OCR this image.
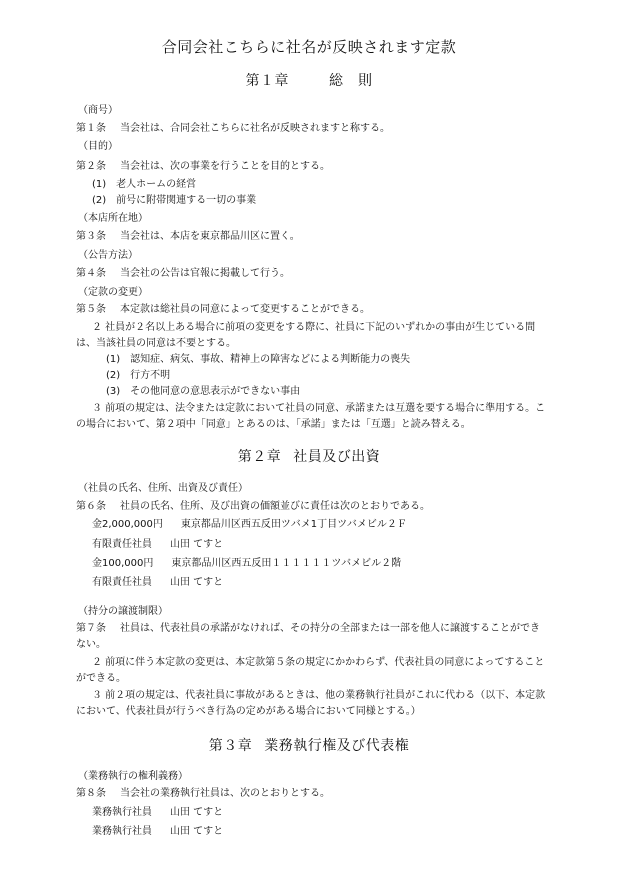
合同会社こちらに社名が反映されます定款
第１章	総　則
（商号）
第１条 当会社は、合同会社こちらに社名が反映されますと称する。
（目的）
第２条 当会社は、次の事業を行うことを目的とする。
(1)　老人ホームの経営
(2)　前号に附帯関連する一切の事業
（本店所在地）
第３条 当会社は、本店を東京都品川区に置く。
（公告方法）
第４条 当会社の公告は官報に掲載して行う。
（定款の変更）
第５条 本定款は総社員の同意によって変更することができる。
２ 社員が２名以上ある場合に前項の変更をする際に、社員に下記のいずれかの事由が生じている間は、当該社員の同意は不要とする。
(1)　認知症、病気、事故、精神上の障害などによる判断能力の喪失
(2)　行方不明
(3)　その他同意の意思表示ができない事由
３ 前項の規定は、法令または定款において社員の同意、承諾または互選を要する場合に準用する。この場合において、第２項中「同意」とあるのは、「承諾」または「互選」と読み替える。
第２章 社員及び出資
（社員の氏名、住所、出資及び責任）
第６条 社員の氏名、住所、及び出資の価額並びに責任は次のとおりである。
金2,000,000円 東京都品川区西五反田ツバメ1丁目ツバメビル２Ｆ
有限責任社員 山田 てすと
金100,000円 東京都品川区西五反田１１１１１１ツバメビル２階
有限責任社員 山田 てすと
（持分の譲渡制限）
第７条 社員は、代表社員の承諾がなければ、その持分の全部または一部を他人に譲渡することができない。
２ 前項に伴う本定款の変更は、本定款第５条の規定にかかわらず、代表社員の同意によってすることができる。
３ 前２項の規定は、代表社員に事故があるときは、他の業務執行社員がこれに代わる（以下、本定款において、代表社員が行うべき行為の定めがある場合において同様とする。）
第３章 業務執行権及び代表権
（業務執行の権利義務）
第８条 当会社の業務執行社員は、次のとおりとする。
業務執行社員 山田 てすと
業務執行社員 山田 てすと
